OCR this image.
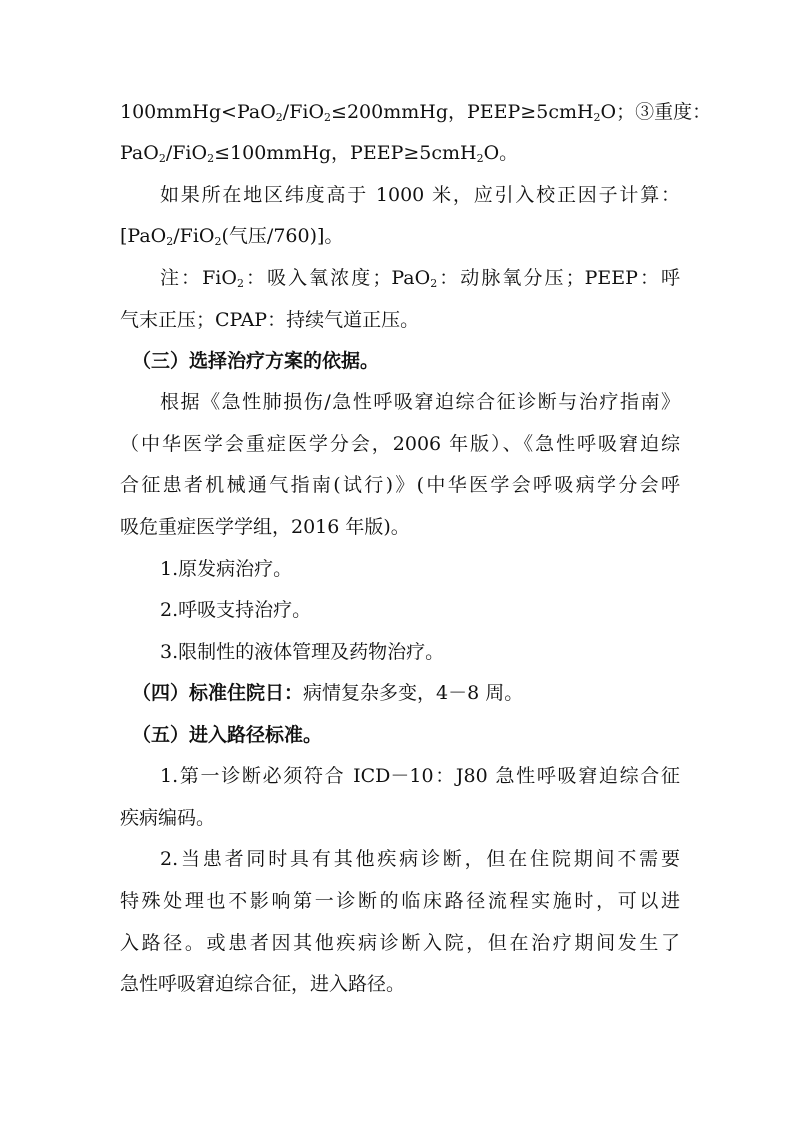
100mmHg<PaO$_2$/FiO$_2$≤200mmHg，PEEP≥5cmH$_2$O；③重度：
PaO$_2$/FiO$_2$≤100mmHg，PEEP≥5cmH$_2$O。
如果所在地区纬度高于 1000 米，应引入校正因子计算：
[PaO$_2$/FiO$_2$(气压/760)]。
注：FiO$_2$：吸入氧浓度；PaO$_2$：动脉氧分压；PEEP：呼
气末正压；CPAP：持续气道正压。
（三）选择治疗方案的依据。
根据《急性肺损伤/急性呼吸窘迫综合征诊断与治疗指南》
（中华医学会重症医学分会，2006 年版）、《急性呼吸窘迫综
合征患者机械通气指南(试行)》(中华医学会呼吸病学分会呼
吸危重症医学学组，2016 年版)。
1.原发病治疗。
2.呼吸支持治疗。
3.限制性的液体管理及药物治疗。
（四）标准住院日：病情复杂多变，4－8 周。
（五）进入路径标准。
1.第一诊断必须符合 ICD－10：J80 急性呼吸窘迫综合征
疾病编码。
2.当患者同时具有其他疾病诊断，但在住院期间不需要
特殊处理也不影响第一诊断的临床路径流程实施时，可以进
入路径。或患者因其他疾病诊断入院，但在治疗期间发生了
急性呼吸窘迫综合征，进入路径。
